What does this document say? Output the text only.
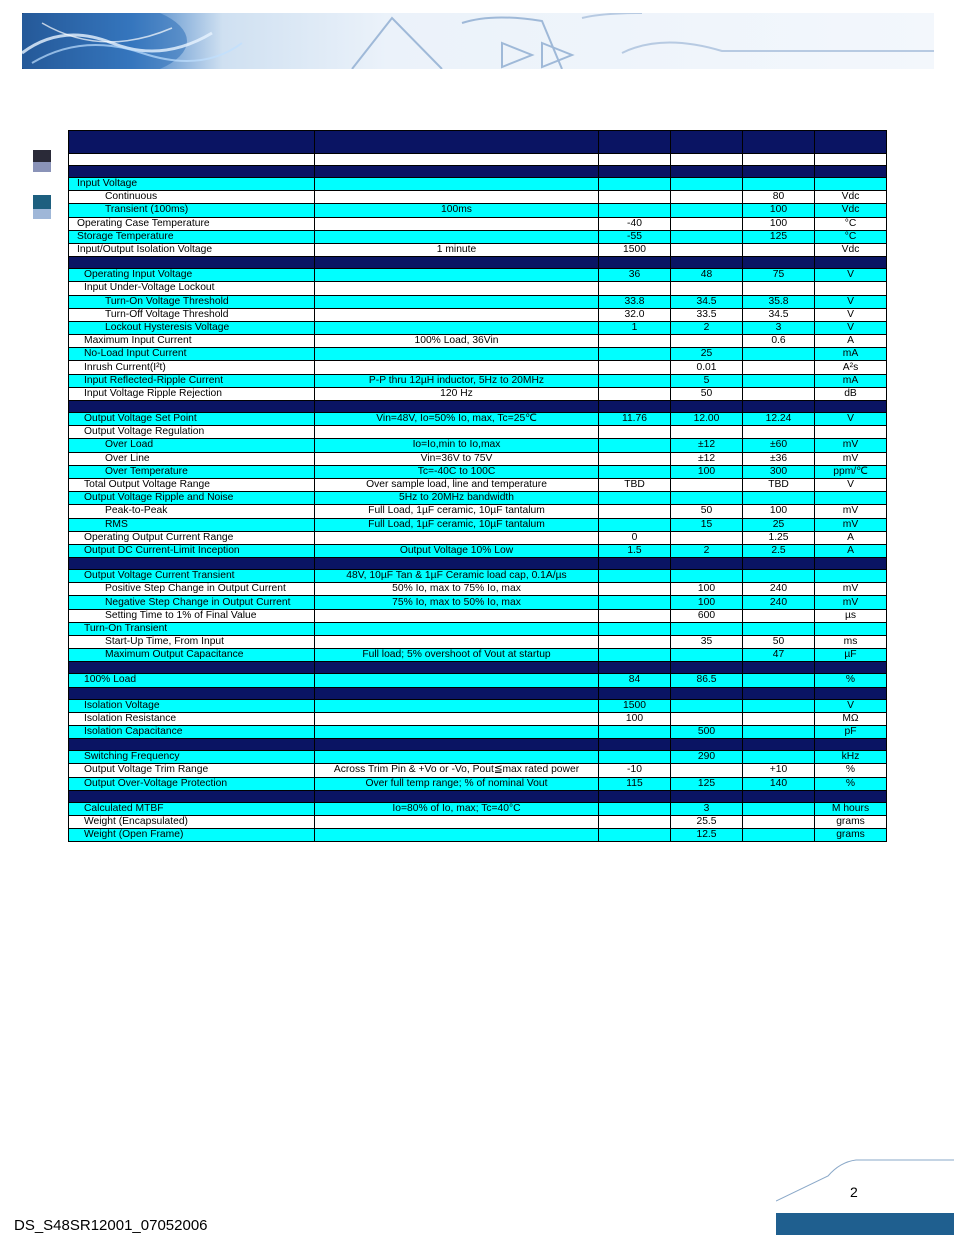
Input Voltage					
Continuous				80	Vdc
Transient (100ms)	100ms			100	Vdc
Operating Case Temperature		-40		100	°C
Storage Temperature		-55		125	°C
Input/Output Isolation Voltage	1 minute	1500			Vdc

Operating Input Voltage		36	48	75	V
Input Under-Voltage Lockout					
Turn-On Voltage Threshold		33.8	34.5	35.8	V
Turn-Off Voltage Threshold		32.0	33.5	34.5	V
Lockout Hysteresis Voltage		1	2	3	V
Maximum Input Current	100% Load, 36Vin			0.6	A
No-Load Input Current			25		mA
Inrush Current(I²t)			0.01		A²s
Input Reflected-Ripple Current	P-P thru 12µH inductor, 5Hz to 20MHz		5		mA
Input Voltage Ripple Rejection	120 Hz		50		dB

Output Voltage Set Point	Vin=48V, Io=50% Io, max, Tc=25℃	11.76	12.00	12.24	V
Output Voltage Regulation					
Over Load	Io=Io,min to Io,max		±12	±60	mV
Over Line	Vin=36V to 75V		±12	±36	mV
Over Temperature	Tc=-40C to 100C		100	300	ppm/℃
Total Output Voltage Range	Over sample load, line and temperature	TBD		TBD	V
Output Voltage Ripple and Noise	5Hz to 20MHz bandwidth				
Peak-to-Peak	Full Load, 1µF ceramic, 10µF tantalum		50	100	mV
RMS	Full Load, 1µF ceramic, 10µF tantalum		15	25	mV
Operating Output Current Range		0		1.25	A
Output DC Current-Limit Inception	Output Voltage 10% Low	1.5	2	2.5	A

Output Voltage Current Transient	48V, 10µF Tan & 1µF Ceramic load cap, 0.1A/µs				
Positive Step Change in Output Current	50% Io, max to 75% Io, max		100	240	mV
Negative Step Change in Output Current	75% Io, max to 50% Io, max		100	240	mV
Setting Time to 1% of Final Value			600		µs
Turn-On Transient					
Start-Up Time, From Input			35	50	ms
Maximum Output Capacitance	Full load; 5% overshoot of Vout at startup			47	µF

100% Load		84	86.5		%

Isolation Voltage		1500			V
Isolation Resistance		100			MΩ
Isolation Capacitance			500		pF

Switching Frequency			290		kHz
Output Voltage Trim Range	Across Trim Pin & +Vo or -Vo, Pout≦max rated power	-10		+10	%
Output Over-Voltage Protection	Over full temp range; % of nominal Vout	115	125	140	%

Calculated MTBF	Io=80% of Io, max; Tc=40°C		3		M hours
Weight (Encapsulated)			25.5		grams
Weight (Open Frame)			12.5		grams
2
DS_S48SR12001_07052006
